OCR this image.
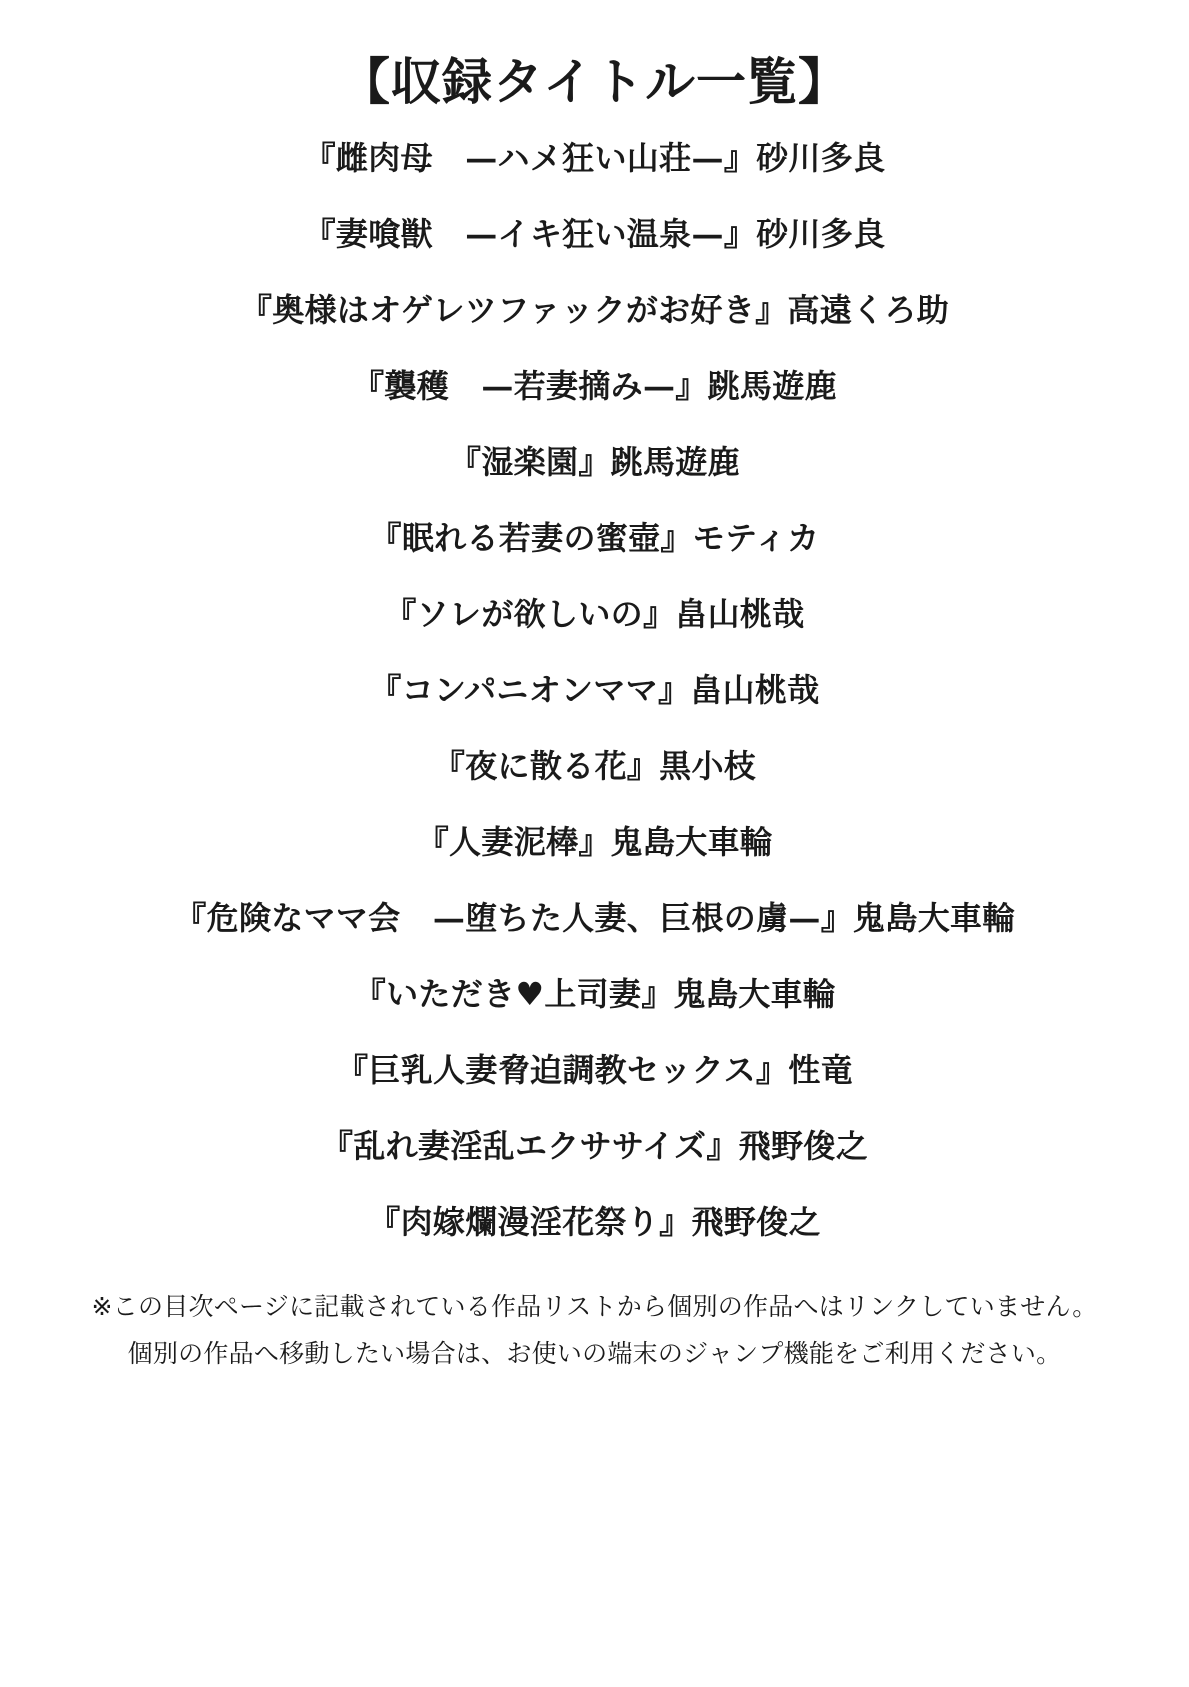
【収録タイトル一覧】
『雌肉母　—ハメ狂い山荘—』砂川多良
『妻喰獣　—イキ狂い温泉—』砂川多良
『奥様はオゲレツファックがお好き』高遠くろ助
『襲穫　—若妻摘み—』跳馬遊鹿
『湿楽園』跳馬遊鹿
『眠れる若妻の蜜壺』モティカ
『ソレが欲しいの』畠山桃哉
『コンパニオンママ』畠山桃哉
『夜に散る花』黒小枝
『人妻泥棒』鬼島大車輪
『危険なママ会　—堕ちた人妻、巨根の虜—』鬼島大車輪
『いただき♥上司妻』鬼島大車輪
『巨乳人妻脅迫調教セックス』性竜
『乱れ妻淫乱エクササイズ』飛野俊之
『肉嫁爛漫淫花祭り』飛野俊之

※この目次ページに記載されている作品リストから個別の作品へはリンクしていません。

個別の作品へ移動したい場合は、お使いの端末のジャンプ機能をご利用ください。
